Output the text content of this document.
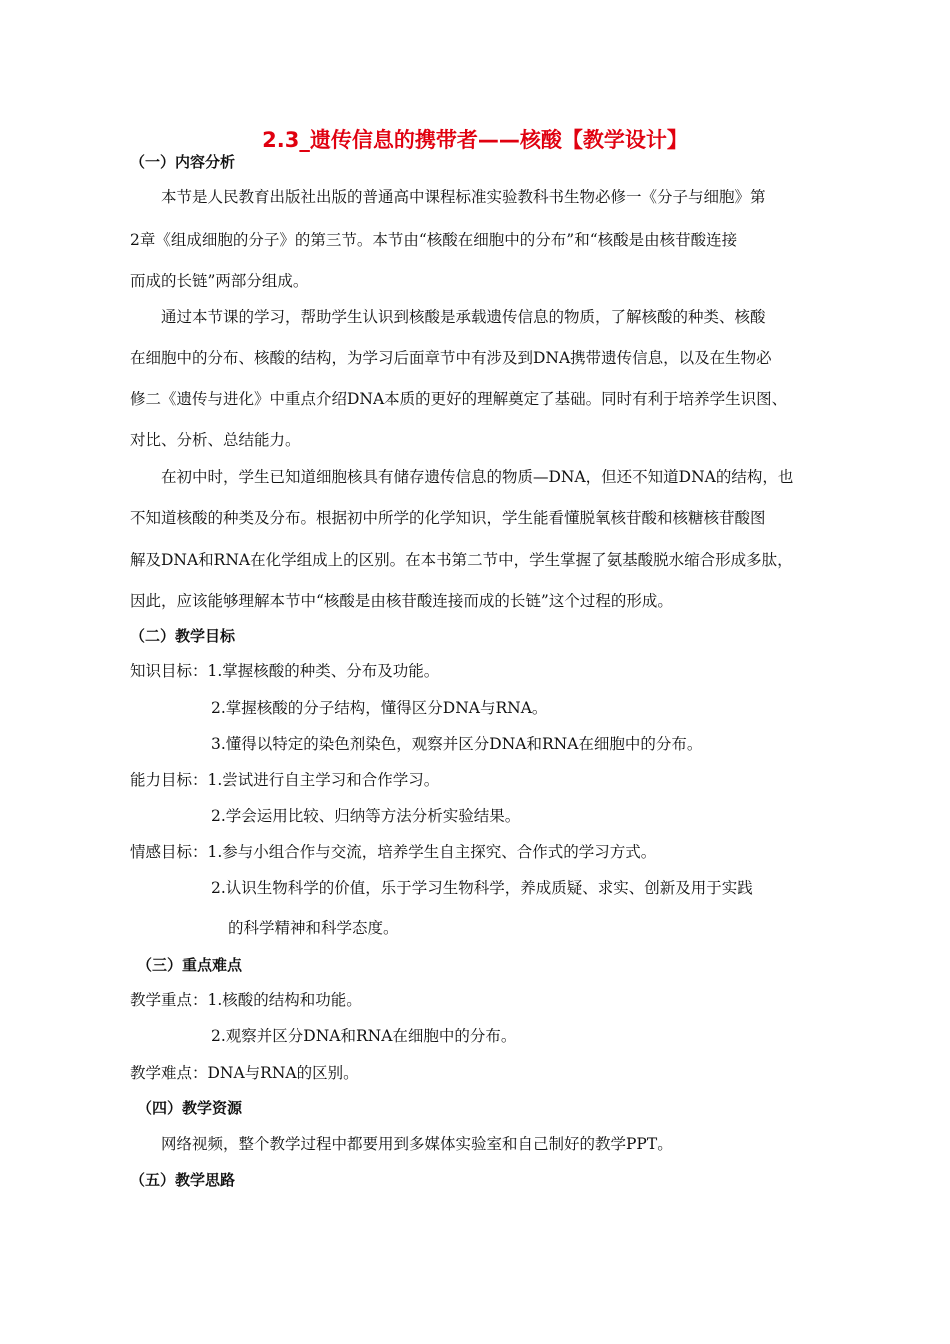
2.3_遗传信息的携带者——核酸【教学设计】
（一）内容分析
本节是人民教育出版社出版的普通高中课程标准实验教科书生物必修一《分子与细胞》第
2章《组成细胞的分子》的第三节。本节由“核酸在细胞中的分布”和“核酸是由核苷酸连接
而成的长链”两部分组成。
通过本节课的学习，帮助学生认识到核酸是承载遗传信息的物质，了解核酸的种类、核酸
在细胞中的分布、核酸的结构，为学习后面章节中有涉及到DNA携带遗传信息，以及在生物必
修二《遗传与进化》中重点介绍DNA本质的更好的理解奠定了基础。同时有利于培养学生识图、
对比、分析、总结能力。
在初中时，学生已知道细胞核具有储存遗传信息的物质—DNA，但还不知道DNA的结构，也
不知道核酸的种类及分布。根据初中所学的化学知识，学生能看懂脱氧核苷酸和核糖核苷酸图
解及DNA和RNA在化学组成上的区别。在本书第二节中，学生掌握了氨基酸脱水缩合形成多肽，
因此，应该能够理解本节中“核酸是由核苷酸连接而成的长链”这个过程的形成。
（二）教学目标
知识目标：1.掌握核酸的种类、分布及功能。
2.掌握核酸的分子结构，懂得区分DNA与RNA。
3.懂得以特定的染色剂染色，观察并区分DNA和RNA在细胞中的分布。
能力目标：1.尝试进行自主学习和合作学习。
2.学会运用比较、归纳等方法分析实验结果。
情感目标：1.参与小组合作与交流，培养学生自主探究、合作式的学习方式。
2.认识生物科学的价值，乐于学习生物科学，养成质疑、求实、创新及用于实践
的科学精神和科学态度。
（三）重点难点
教学重点：1.核酸的结构和功能。
2.观察并区分DNA和RNA在细胞中的分布。
教学难点：DNA与RNA的区别。
（四）教学资源
网络视频，整个教学过程中都要用到多媒体实验室和自己制好的教学PPT。
（五）教学思路
